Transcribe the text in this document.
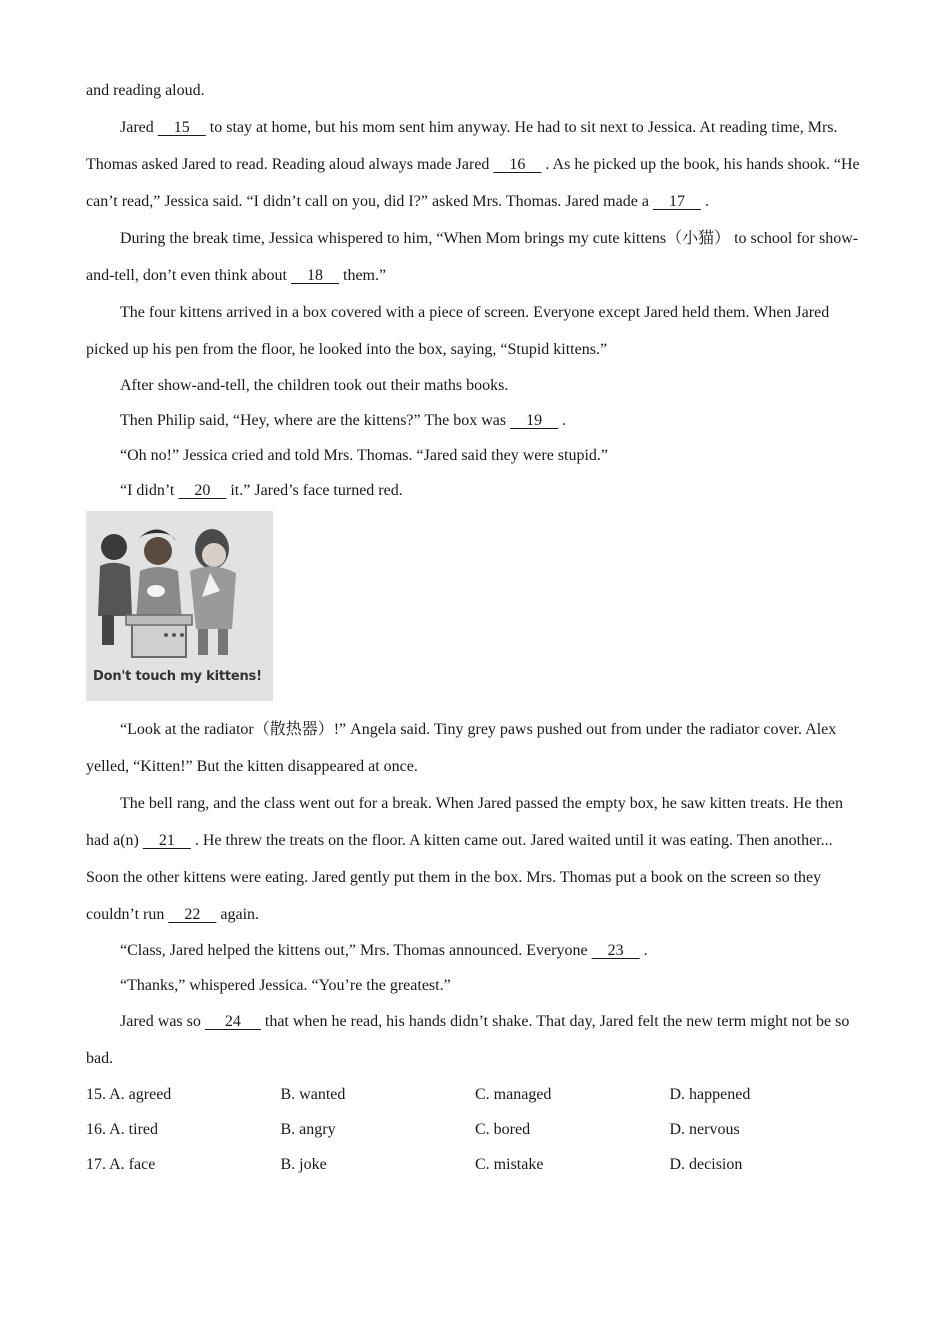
and reading aloud.

Jared     15     to stay at home, but his mom sent him anyway. He had to sit next to Jessica. At reading time, Mrs. Thomas asked Jared to read. Reading aloud always made Jared     16     . As he picked up the book, his hands shook. “He can’t read,” Jessica said. “I didn’t call on you, did I?” asked Mrs. Thomas. Jared made a     17     .

During the break time, Jessica whispered to him, “When Mom brings my cute kittens（小猫） to school for show-and-tell, don’t even think about     18     them.”

The four kittens arrived in a box covered with a piece of screen. Everyone except Jared held them. When Jared picked up his pen from the floor, he looked into the box, saying, “Stupid kittens.”

After show-and-tell, the children took out their maths books.

Then Philip said, “Hey, where are the kittens?” The box was     19     .

“Oh no!” Jessica cried and told Mrs. Thomas. “Jared said they were stupid.”

“I didn’t     20     it.” Jared’s face turned red.

Don't touch my kittens!

“Look at the radiator（散热器）!” Angela said. Tiny grey paws pushed out from under the radiator cover. Alex yelled, “Kitten!” But the kitten disappeared at once.

The bell rang, and the class went out for a break. When Jared passed the empty box, he saw kitten treats. He then had a(n)     21     . He threw the treats on the floor. A kitten came out. Jared waited until it was eating. Then another... Soon the other kittens were eating. Jared gently put them in the box. Mrs. Thomas put a book on the screen so they couldn’t run     22     again.

“Class, Jared helped the kittens out,” Mrs. Thomas announced. Everyone     23     .

“Thanks,” whispered Jessica. “You’re the greatest.”

Jared was so      24      that when he read, his hands didn’t shake. That day, Jared felt the new term might not be so bad.

15. A. agreed	B. wanted	C. managed	D. happened
16. A. tired	B. angry	C. bored	D. nervous
17. A. face	B. joke	C. mistake	D. decision
